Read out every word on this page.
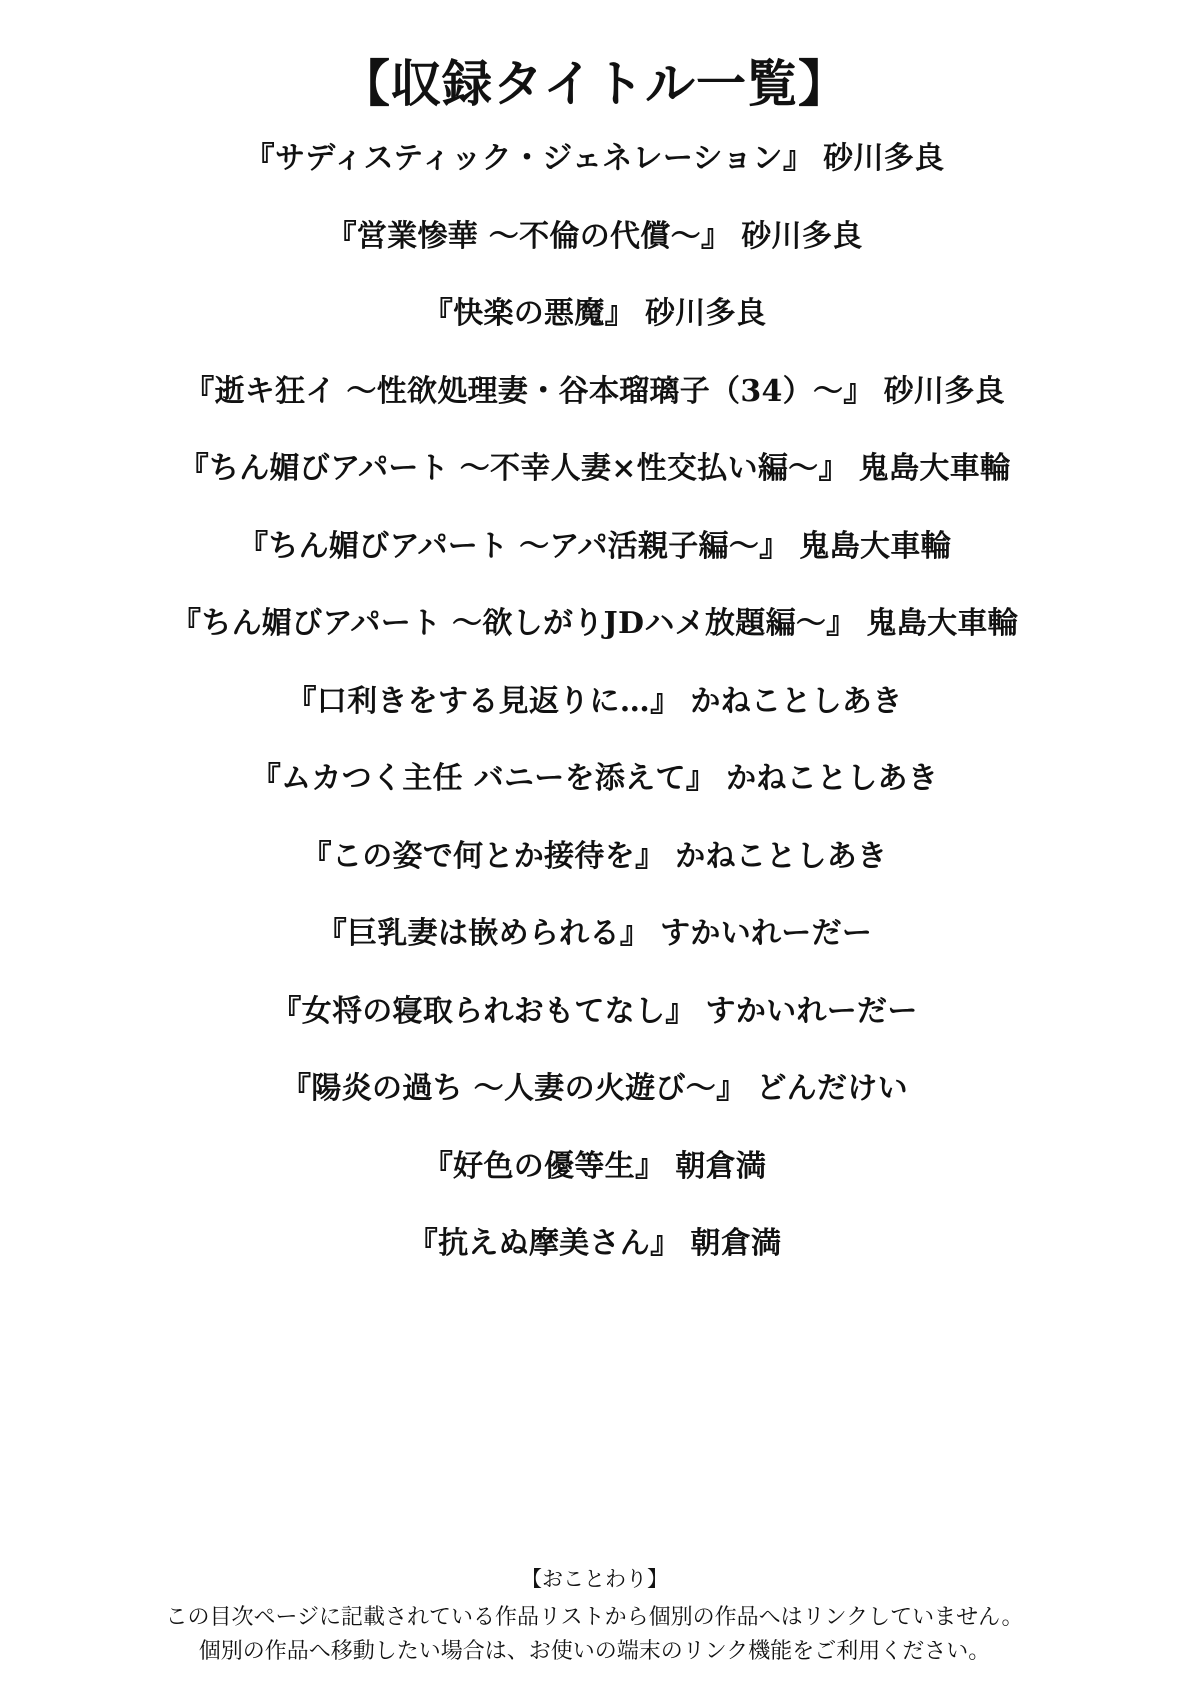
【収録タイトル一覧】
『サディスティック・ジェネレーション』 砂川多良
『営業惨華 〜不倫の代償〜』 砂川多良
『快楽の悪魔』 砂川多良
『逝キ狂イ 〜性欲処理妻・谷本瑠璃子（34）〜』 砂川多良
『ちん媚びアパート 〜不幸人妻×性交払い編〜』 鬼島大車輪
『ちん媚びアパート 〜アパ活親子編〜』 鬼島大車輪
『ちん媚びアパート 〜欲しがりJDハメ放題編〜』 鬼島大車輪
『口利きをする見返りに…』 かねことしあき
『ムカつく主任 バニーを添えて』 かねことしあき
『この姿で何とか接待を』 かねことしあき
『巨乳妻は嵌められる』 すかいれーだー
『女将の寝取られおもてなし』 すかいれーだー
『陽炎の過ち 〜人妻の火遊び〜』 どんだけい
『好色の優等生』 朝倉満
『抗えぬ摩美さん』 朝倉満
【おことわり】
この目次ページに記載されている作品リストから個別の作品へはリンクしていません。
個別の作品へ移動したい場合は、お使いの端末のリンク機能をご利用ください。
